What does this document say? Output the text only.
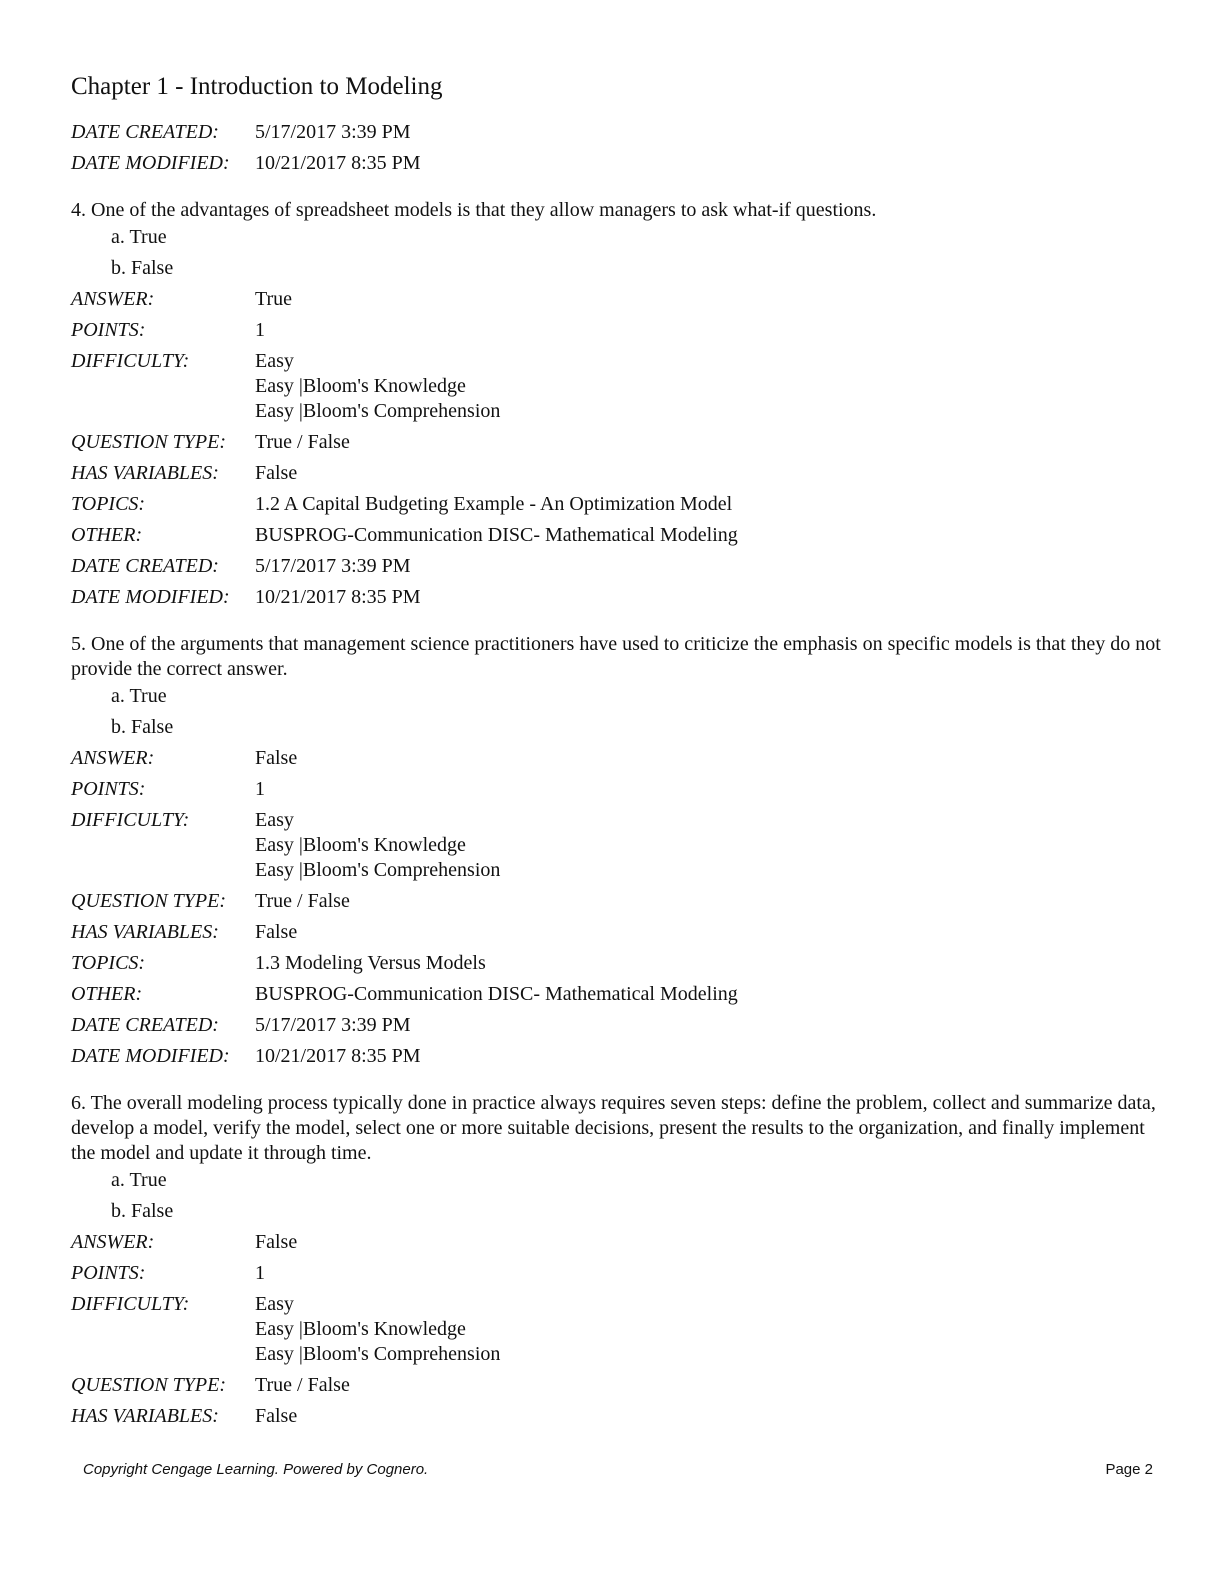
Chapter 1 - Introduction to Modeling
DATE CREATED:	5/17/2017 3:39 PM
DATE MODIFIED:	10/21/2017 8:35 PM

4. One of the advantages of spreadsheet models is that they allow managers to ask what-if questions.

a. True
b. False
ANSWER:	True
POINTS:	1
DIFFICULTY:	Easy
Easy |Bloom's Knowledge
Easy |Bloom's Comprehension
QUESTION TYPE:	True / False
HAS VARIABLES:	False
TOPICS:	1.2 A Capital Budgeting Example - An Optimization Model
OTHER:	BUSPROG-Communication DISC- Mathematical Modeling
DATE CREATED:	5/17/2017 3:39 PM
DATE MODIFIED:	10/21/2017 8:35 PM

5. One of the arguments that management science practitioners have used to criticize the emphasis on specific models is that they do not provide the correct answer.

a. True
b. False
ANSWER:	False
POINTS:	1
DIFFICULTY:	Easy
Easy |Bloom's Knowledge
Easy |Bloom's Comprehension
QUESTION TYPE:	True / False
HAS VARIABLES:	False
TOPICS:	1.3 Modeling Versus Models
OTHER:	BUSPROG-Communication DISC- Mathematical Modeling
DATE CREATED:	5/17/2017 3:39 PM
DATE MODIFIED:	10/21/2017 8:35 PM

6. The overall modeling process typically done in practice always requires seven steps: define the problem, collect and summarize data, develop a model, verify the model, select one or more suitable decisions, present the results to the organization, and finally implement the model and update it through time.

a. True
b. False
ANSWER:	False
POINTS:	1
DIFFICULTY:	Easy
Easy |Bloom's Knowledge
Easy |Bloom's Comprehension
QUESTION TYPE:	True / False
HAS VARIABLES:	False
Copyright Cengage Learning. Powered by Cognero.	Page 2
